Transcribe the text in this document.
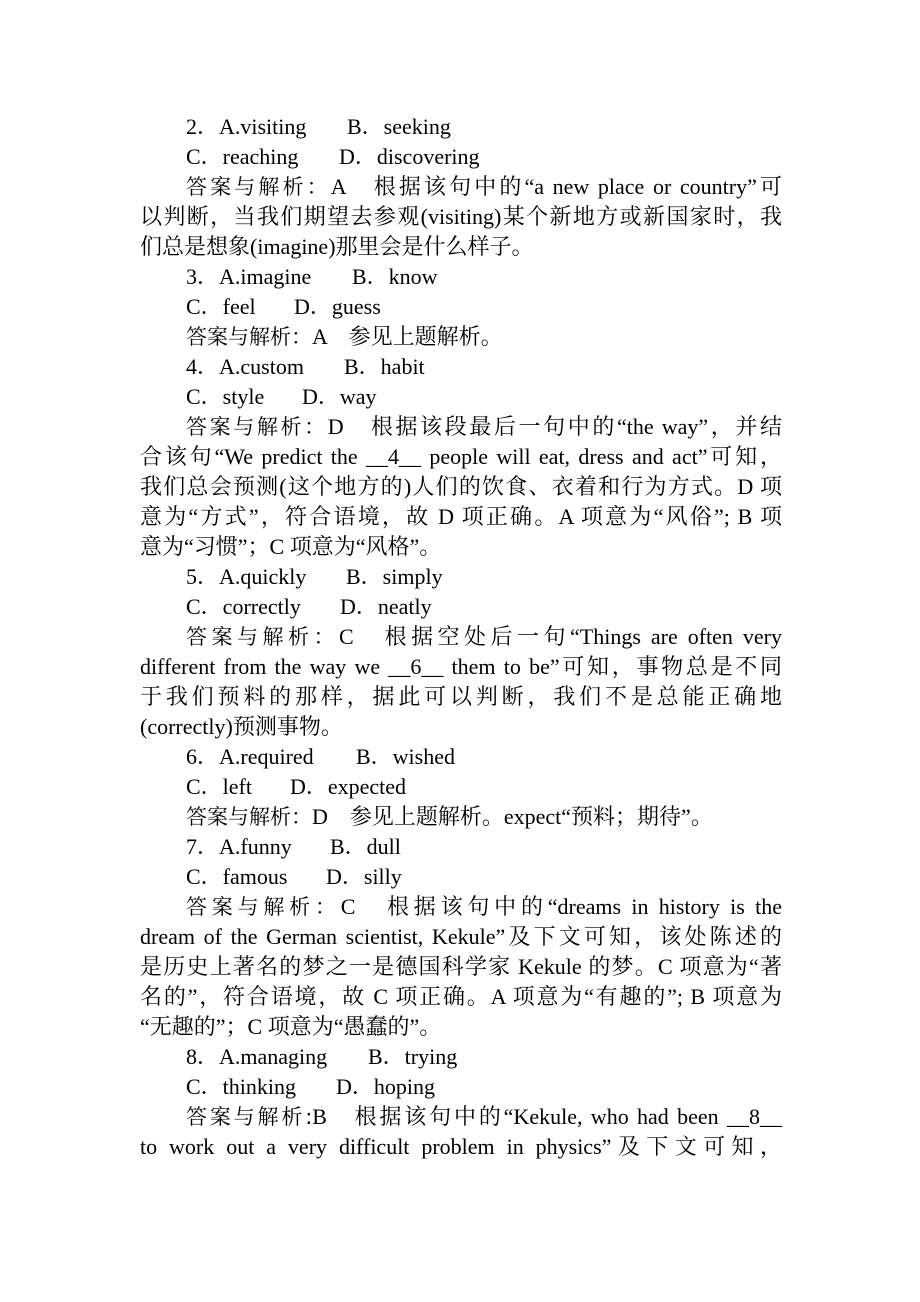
2．A.visiting B．seeking
C．reaching D．discovering
答案与解析：A　根据该句中的“a new place or country”可
以判断，当我们期望去参观(visiting)某个新地方或新国家时，我
们总是想象(imagine)那里会是什么样子。
3．A.imagine B．know
C．feel D．guess
答案与解析：A　参见上题解析。
4．A.custom B．habit
C．style D．way
答案与解析：D　根据该段最后一句中的“the way”，并结
合该句“We predict the __4__ people will eat, dress and act”可知，
我们总会预测(这个地方的)人们的饮食、衣着和行为方式。D 项
意为“方式”，符合语境，故 D 项正确。A 项意为“风俗”; B 项
意为“习惯”；C 项意为“风格”。
5．A.quickly B．simply
C．correctly D．neatly
答案与解析：C　根据空处后一句“Things are often very
different from the way we __6__ them to be”可知，事物总是不同
于我们预料的那样，据此可以判断，我们不是总能正确地
(correctly)预测事物。
6．A.required B．wished
C．left D．expected
答案与解析：D　参见上题解析。expect“预料；期待”。
7．A.funny B．dull
C．famous D．silly
答案与解析：C　根据该句中的“dreams in history is the
dream of the German scientist, Kekule”及下文可知，该处陈述的
是历史上著名的梦之一是德国科学家 Kekule 的梦。C 项意为“著
名的”，符合语境，故 C 项正确。A 项意为“有趣的”; B 项意为
“无趣的”；C 项意为“愚蠢的”。
8．A.managing B．trying
C．thinking D．hoping
答案与解析:B　根据该句中的“Kekule, who had been __8__
to work out a very difficult problem in physics”及下文可知，
